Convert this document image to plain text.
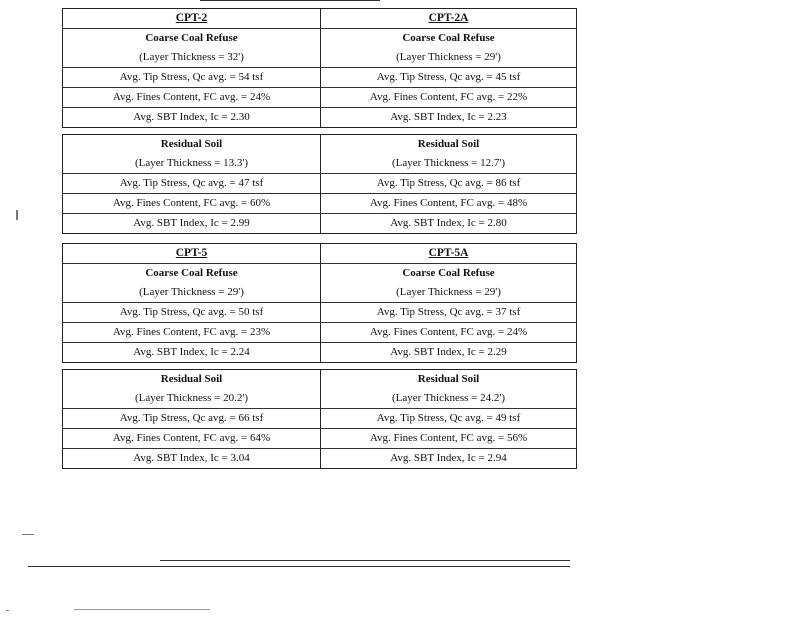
CPT-2
Coarse Coal Refuse
(Layer Thickness = 32')
Avg. Tip Stress, Qc avg. = 54 tsf
Avg. Fines Content, FC avg. = 24%
Avg. SBT Index, Ic = 2.30
CPT-2A
Coarse Coal Refuse
(Layer Thickness = 29')
Avg. Tip Stress, Qc avg. = 45 tsf
Avg. Fines Content, FC avg. = 22%
Avg. SBT Index, Ic = 2.23
Residual Soil
(Layer Thickness = 13.3')
Avg. Tip Stress, Qc avg. = 47 tsf
Avg. Fines Content, FC avg. = 60%
Avg. SBT Index, Ic = 2.99
Residual Soil
(Layer Thickness = 12.7')
Avg. Tip Stress, Qc avg. = 86 tsf
Avg. Fines Content, FC avg. = 48%
Avg. SBT Index, Ic = 2.80
CPT-5
Coarse Coal Refuse
(Layer Thickness = 29')
Avg. Tip Stress, Qc avg. = 50 tsf
Avg. Fines Content, FC avg. = 23%
Avg. SBT Index, Ic = 2.24
CPT-5A
Coarse Coal Refuse
(Layer Thickness = 29')
Avg. Tip Stress, Qc avg. = 37 tsf
Avg. Fines Content, FC avg. = 24%
Avg. SBT Index, Ic = 2.29
Residual Soil
(Layer Thickness = 20.2')
Avg. Tip Stress, Qc avg. = 66 tsf
Avg. Fines Content, FC avg. = 64%
Avg. SBT Index, Ic = 3.04
Residual Soil
(Layer Thickness = 24.2')
Avg. Tip Stress, Qc avg. = 49 tsf
Avg. Fines Content, FC avg. = 56%
Avg. SBT Index, Ic = 2.94
